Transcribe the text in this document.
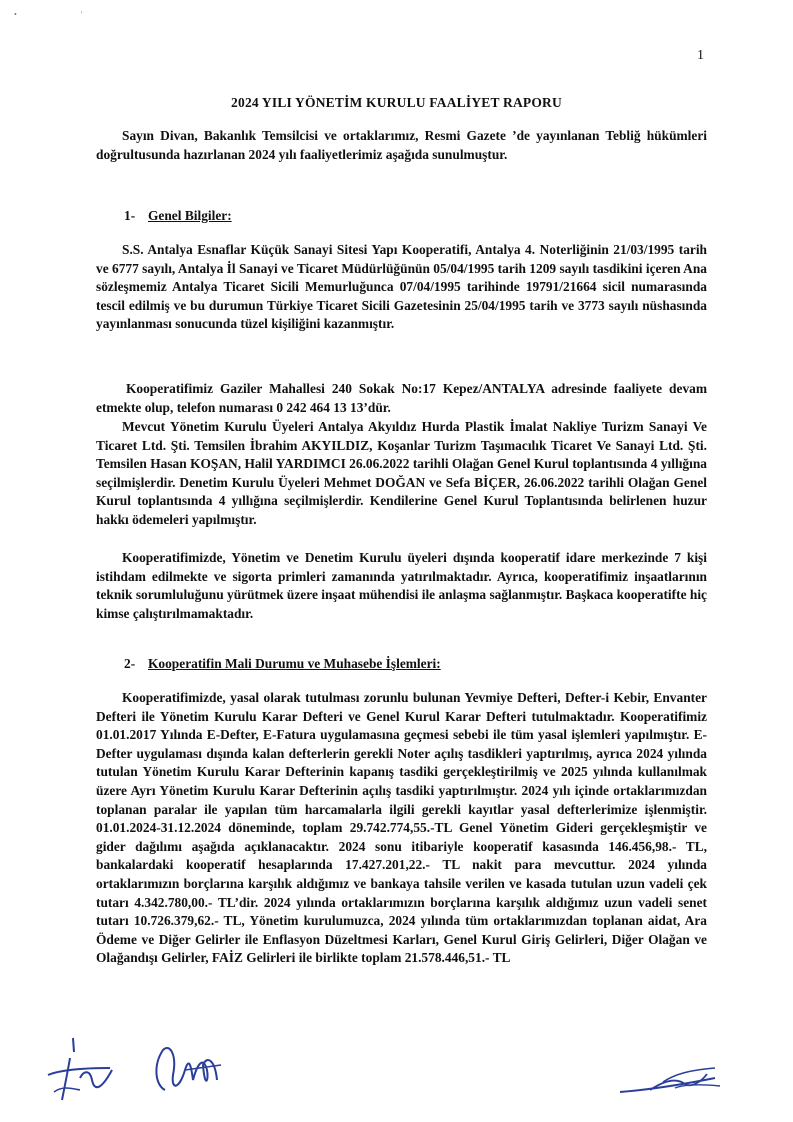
•                                '
1
2024 YILI YÖNETİM KURULU FAALİYET RAPORU

Sayın Divan, Bakanlık Temsilcisi ve ortaklarımız, Resmi Gazete ’de yayınlanan Tebliğ hükümleri doğrultusunda hazırlanan 2024 yılı faaliyetlerimiz aşağıda sunulmuştur.

1- Genel Bilgiler:

S.S. Antalya Esnaflar Küçük Sanayi Sitesi Yapı Kooperatifi, Antalya 4. Noterliğinin 21/03/1995 tarih ve 6777 sayılı, Antalya İl Sanayi ve Ticaret Müdürlüğünün 05/04/1995 tarih 1209 sayılı tasdikini içeren Ana sözleşmemiz Antalya Ticaret Sicili Memurluğunca 07/04/1995 tarihinde 19791/21664 sicil numarasında tescil edilmiş ve bu durumun Türkiye Ticaret Sicili Gazetesinin 25/04/1995 tarih ve 3773 sayılı nüshasında yayınlanması sonucunda tüzel kişiliğini kazanmıştır.

Kooperatifimiz Gaziler Mahallesi 240 Sokak No:17 Kepez/ANTALYA adresinde faaliyete devam etmekte olup, telefon numarası 0 242 464 13 13’dür.

Mevcut Yönetim Kurulu Üyeleri Antalya Akyıldız Hurda Plastik İmalat Nakliye Turizm Sanayi Ve Ticaret Ltd. Şti. Temsilen İbrahim AKYILDIZ, Koşanlar Turizm Taşımacılık Ticaret Ve Sanayi Ltd. Şti. Temsilen Hasan KOŞAN, Halil YARDIMCI 26.06.2022 tarihli Olağan Genel Kurul toplantısında 4 yıllığına seçilmişlerdir. Denetim Kurulu Üyeleri Mehmet DOĞAN ve Sefa BİÇER, 26.06.2022 tarihli Olağan Genel Kurul toplantısında 4 yıllığına seçilmişlerdir. Kendilerine Genel Kurul Toplantısında belirlenen huzur hakkı ödemeleri yapılmıştır.

Kooperatifimizde, Yönetim ve Denetim Kurulu üyeleri dışında kooperatif idare merkezinde 7 kişi istihdam edilmekte ve sigorta primleri zamanında yatırılmaktadır. Ayrıca, kooperatifimiz inşaatlarının teknik sorumluluğunu yürütmek üzere inşaat mühendisi ile anlaşma sağlanmıştır. Başkaca kooperatifte hiç kimse çalıştırılmamaktadır.

2- Kooperatifin Mali Durumu ve Muhasebe İşlemleri:

Kooperatifimizde, yasal olarak tutulması zorunlu bulunan Yevmiye Defteri, Defter-i Kebir, Envanter Defteri ile Yönetim Kurulu Karar Defteri ve Genel Kurul Karar Defteri tutulmaktadır. Kooperatifimiz 01.01.2017 Yılında E-Defter, E-Fatura uygulamasına geçmesi sebebi ile tüm yasal işlemleri yapılmıştır. E-Defter uygulaması dışında kalan defterlerin gerekli Noter açılış tasdikleri yaptırılmış, ayrıca 2024 yılında tutulan Yönetim Kurulu Karar Defterinin kapanış tasdiki gerçekleştirilmiş ve 2025 yılında kullanılmak üzere Ayrı Yönetim Kurulu Karar Defterinin açılış tasdiki yaptırılmıştır. 2024 yılı içinde ortaklarımızdan toplanan paralar ile yapılan tüm harcamalarla ilgili gerekli kayıtlar yasal defterlerimize işlenmiştir. 01.01.2024-31.12.2024 döneminde, toplam 29.742.774,55.-TL Genel Yönetim Gideri gerçekleşmiştir ve gider dağılımı aşağıda açıklanacaktır. 2024 sonu itibariyle kooperatif kasasında 146.456,98.- TL, bankalardaki kooperatif hesaplarında 17.427.201,22.- TL nakit para mevcuttur. 2024 yılında ortaklarımızın borçlarına karşılık aldığımız ve bankaya tahsile verilen ve kasada tutulan uzun vadeli çek tutarı 4.342.780,00.- TL’dir. 2024 yılında ortaklarımızın borçlarına karşılık aldığımız uzun vadeli senet tutarı 10.726.379,62.- TL, Yönetim kurulumuzca, 2024 yılında tüm ortaklarımızdan toplanan aidat, Ara Ödeme ve Diğer Gelirler ile Enflasyon Düzeltmesi Karları, Genel Kurul Giriş Gelirleri, Diğer Olağan ve Olağandışı Gelirler, FAİZ Gelirleri ile birlikte toplam 21.578.446,51.- TL
